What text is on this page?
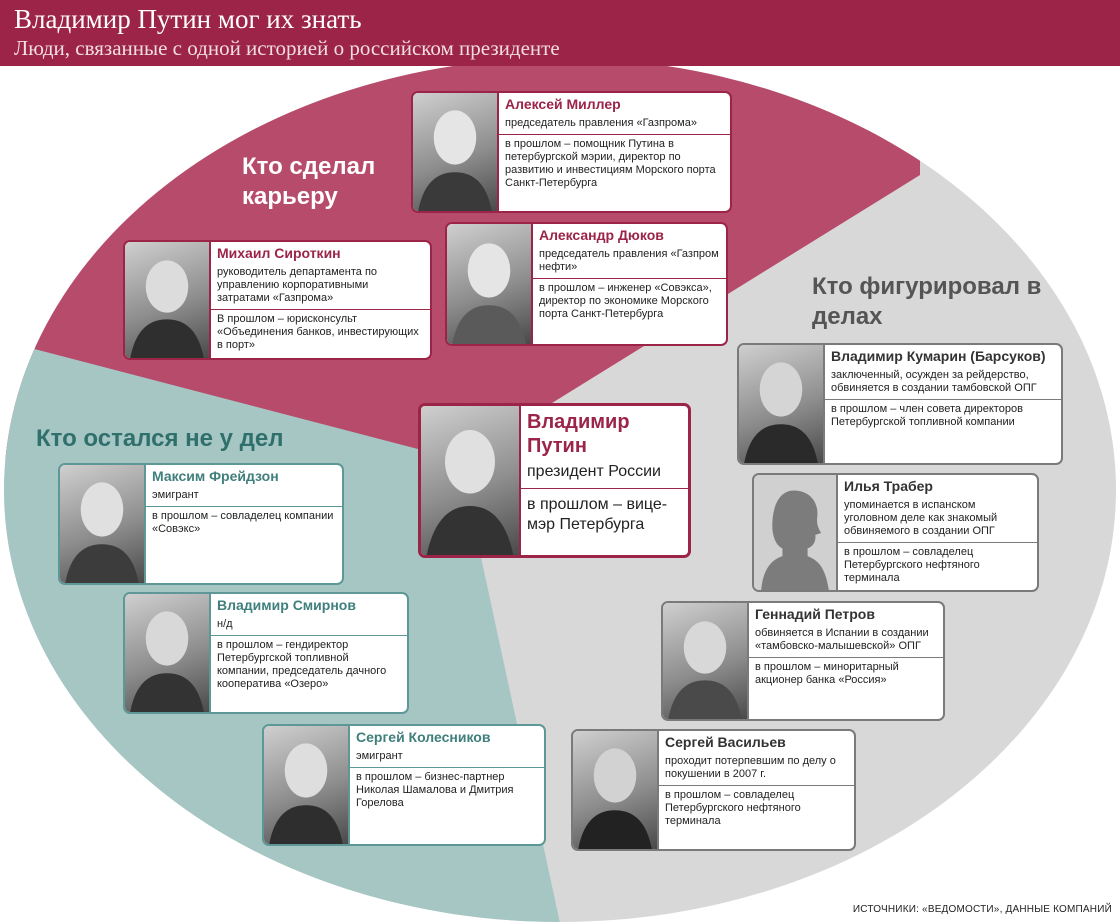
Владимир Путин мог их знать
Люди, связанные с одной историей о российском президенте
Кто сделал карьеру
Кто фигурировал в делах
Кто остался не у дел
Алексей Миллер
председатель правления «Газпрома»
в прошлом – помощник Путина в петербургской мэрии, директор по развитию и инвестициям Морского порта Санкт-Петербурга
Александр Дюков
председатель правления «Газпром нефти»
в прошлом – инженер «Совэкса», директор по экономике Морского порта Санкт-Петербурга
Михаил Сироткин
руководитель департамента по управлению корпоративными затратами «Газпрома»
В прошлом – юрисконсульт «Объединения банков, инвестирующих в порт»
Владимир Путин
президент России
в прошлом – вице-мэр Петербурга
Владимир Кумарин (Барсуков)
заключенный, осужден за рейдерство, обвиняется в создании тамбовской ОПГ
в прошлом – член совета директоров Петербургской топливной компании
Илья Трабер
упоминается в испанском уголовном деле как знакомый обвиняемого в создании ОПГ
в прошлом – совладелец Петербургского нефтяного терминала
Геннадий Петров
обвиняется в Испании в создании «тамбовско-малышевской» ОПГ
в прошлом – миноритарный акционер банка «Россия»
Сергей Васильев
проходит потерпевшим по делу о покушении в 2007 г.
в прошлом – совладелец Петербургского нефтяного терминала
Максим Фрейдзон
эмигрант
в прошлом – совладелец компании «Совэкс»
Владимир Смирнов
н/д
в прошлом – гендиректор Петербургской топливной компании, председатель дачного кооператива «Озеро»
Сергей Колесников
эмигрант
в прошлом – бизнес-партнер Николая Шамалова и Дмитрия Горелова
ИСТОЧНИКИ: «ВЕДОМОСТИ», ДАННЫЕ КОМПАНИЙ
